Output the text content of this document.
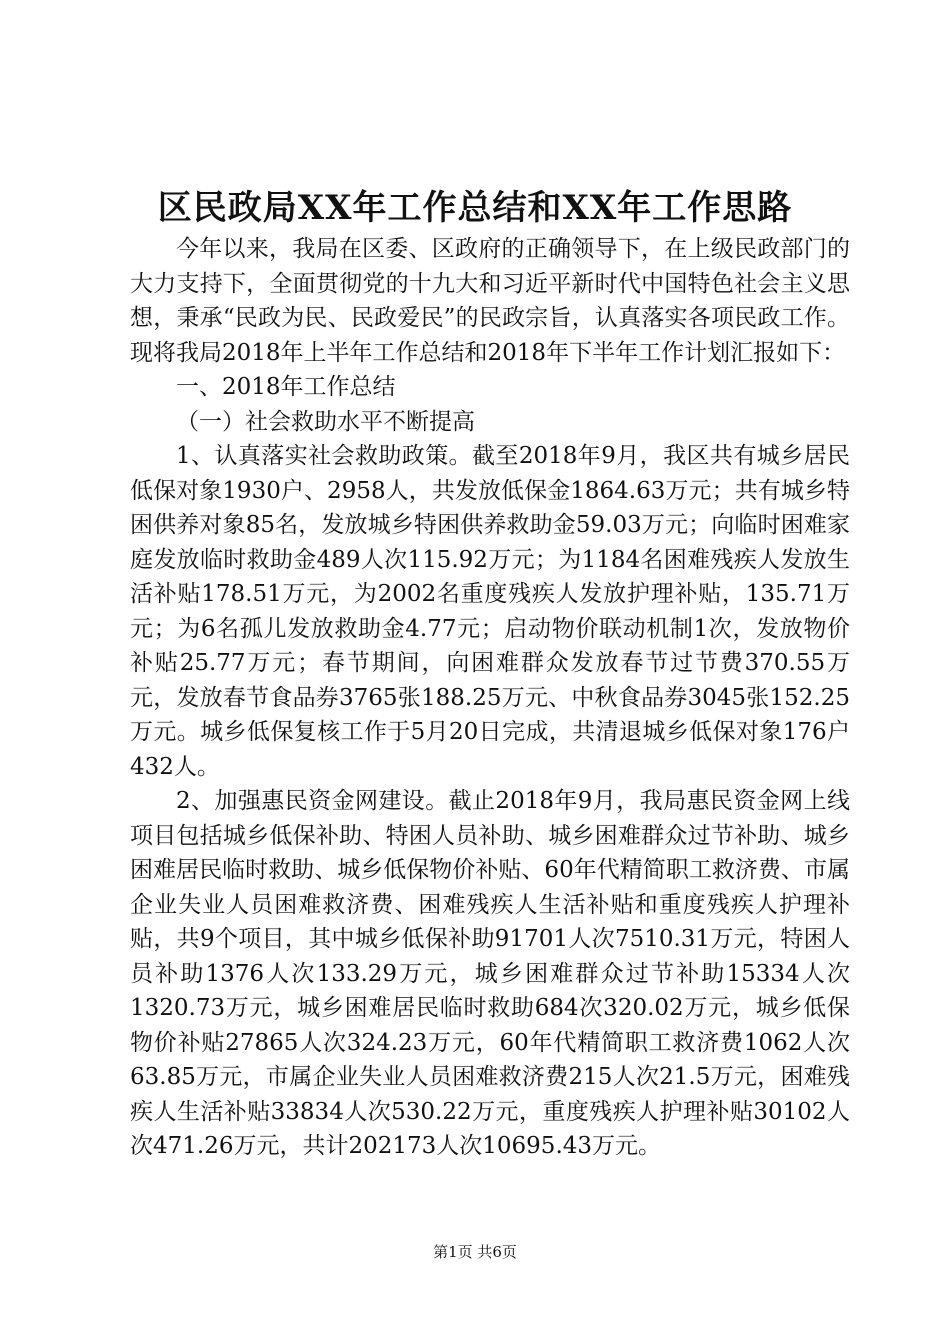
区民政局XX年工作总结和XX年工作思路

今年以来，我局在区委、区政府的正确领导下，在上级民政部门的大力支持下，全面贯彻党的十九大和习近平新时代中国特色社会主义思想，秉承“民政为民、民政爱民”的民政宗旨，认真落实各项民政工作。现将我局2018年上半年工作总结和2018年下半年工作计划汇报如下：

一、2018年工作总结

（一）社会救助水平不断提高

1、认真落实社会救助政策。截至2018年9月，我区共有城乡居民低保对象1930户、2958人，共发放低保金1864.63万元；共有城乡特困供养对象85名，发放城乡特困供养救助金59.03万元；向临时困难家庭发放临时救助金489人次115.92万元；为1184名困难残疾人发放生活补贴178.51万元，为2002名重度残疾人发放护理补贴，135.71万元；为6名孤儿发放救助金4.77元；启动物价联动机制1次，发放物价补贴25.77万元；春节期间，向困难群众发放春节过节费370.55万元，发放春节食品券3765张188.25万元、中秋食品券3045张152.25万元。城乡低保复核工作于5月20日完成，共清退城乡低保对象176户432人。

2、加强惠民资金网建设。截止2018年9月，我局惠民资金网上线项目包括城乡低保补助、特困人员补助、城乡困难群众过节补助、城乡困难居民临时救助、城乡低保物价补贴、60年代精简职工救济费、市属企业失业人员困难救济费、困难残疾人生活补贴和重度残疾人护理补贴，共9个项目，其中城乡低保补助91701人次7510.31万元，特困人员补助1376人次133.29万元，城乡困难群众过节补助15334人次1320.73万元，城乡困难居民临时救助684次320.02万元，城乡低保物价补贴27865人次324.23万元，60年代精简职工救济费1062人次63.85万元，市属企业失业人员困难救济费215人次21.5万元，困难残疾人生活补贴33834人次530.22万元，重度残疾人护理补贴30102人次471.26万元，共计202173人次10695.43万元。

第1页 共6页
